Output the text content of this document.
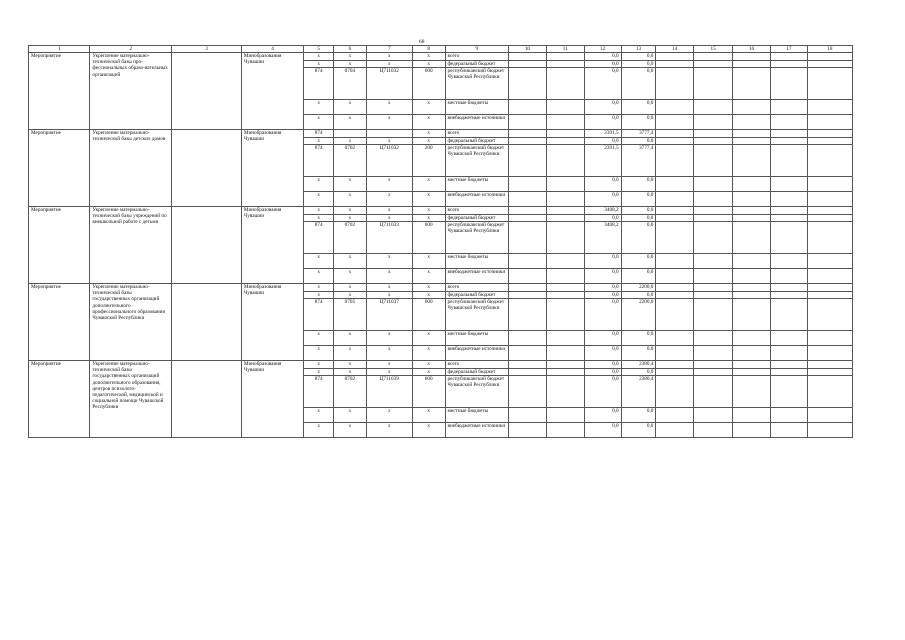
68
1	2	3	4	5	6	7	8	9	10	11	12	13	14	15	16	17	18
Мероприятие	Укрепление материально-технической базы про-фессиональных образо-вательных организаций		Минобразования Чувашии	x	x	x	x	всего			0,0	0,0					
				x	x	x	x	федеральный бюджет			0,0	0,0					
				874	0704	Ц711032	600	республиканский бюджет Чувашской Республики			0,0	0,0					
				x	x	x	x	местные бюджеты			0,0	0,0					
				x	x	x	x	внебюджетные источники			0,0	0,0					
Мероприятие	Укрепление материально-технической базы детских домов		Минобразования Чувашии	874			x	всего			2391,5	3777,4					
				x	x	x	x	федеральный бюджет			0,0	0,0					
				874	0702	Ц711032	200	республиканский бюджет Чувашской Республики			2391,5	3777,4					
				x	x	x	x	местные бюджеты			0,0	0,0					
				x	x	x	x	внебюджетные источники			0,0	0,0					
Мероприятие	Укрепление материально-технической базы учреждений по внешкольной работе с детьми		Минобразования Чувашии	x	x	x	x	всего			3408,2	0,0					
				x	x	x	x	федеральный бюджет			0,0	0,0					
				874	0702	Ц711033	600	республиканский бюджет Чувашской Республики			3408,2	0,0					
				x	x	x	x	местные бюджеты			0,0	0,0					
				x	x	x	x	внебюджетные источники			0,0	0,0					
Мероприятие	Укрепление материально-технической базы государственных организаций дополнительного профессионального образования Чувашской Республики		Минобразования Чувашии	x	x	x	x	всего			0,0	2200,0					
				x	x	x	x	федеральный бюджет			0,0	0,0					
				874	0705	Ц711037	600	республиканский бюджет Чувашской Республики			0,0	2200,0					
				x	x	x	x	местные бюджеты			0,0	0,0					
				x	x	x	x	внебюджетные источники			0,0	0,0					
Мероприятие	Укрепление материально-технической базы государственных организаций дополнительного образования, центров психолого-педагогической, медицинской и социальной помощи Чувашской Республики		Минобразования Чувашии	x	x	x	x	всего			0,0	2380,4					
				x	x	x	x	федеральный бюджет			0,0	0,0					
				874	0702	Ц711039	600	республиканский бюджет Чувашской Республики			0,0	2380,4					
				x	x	x	x	местные бюджеты			0,0	0,0					
				x	x	x	x	внебюджетные источники			0,0	0,0					
